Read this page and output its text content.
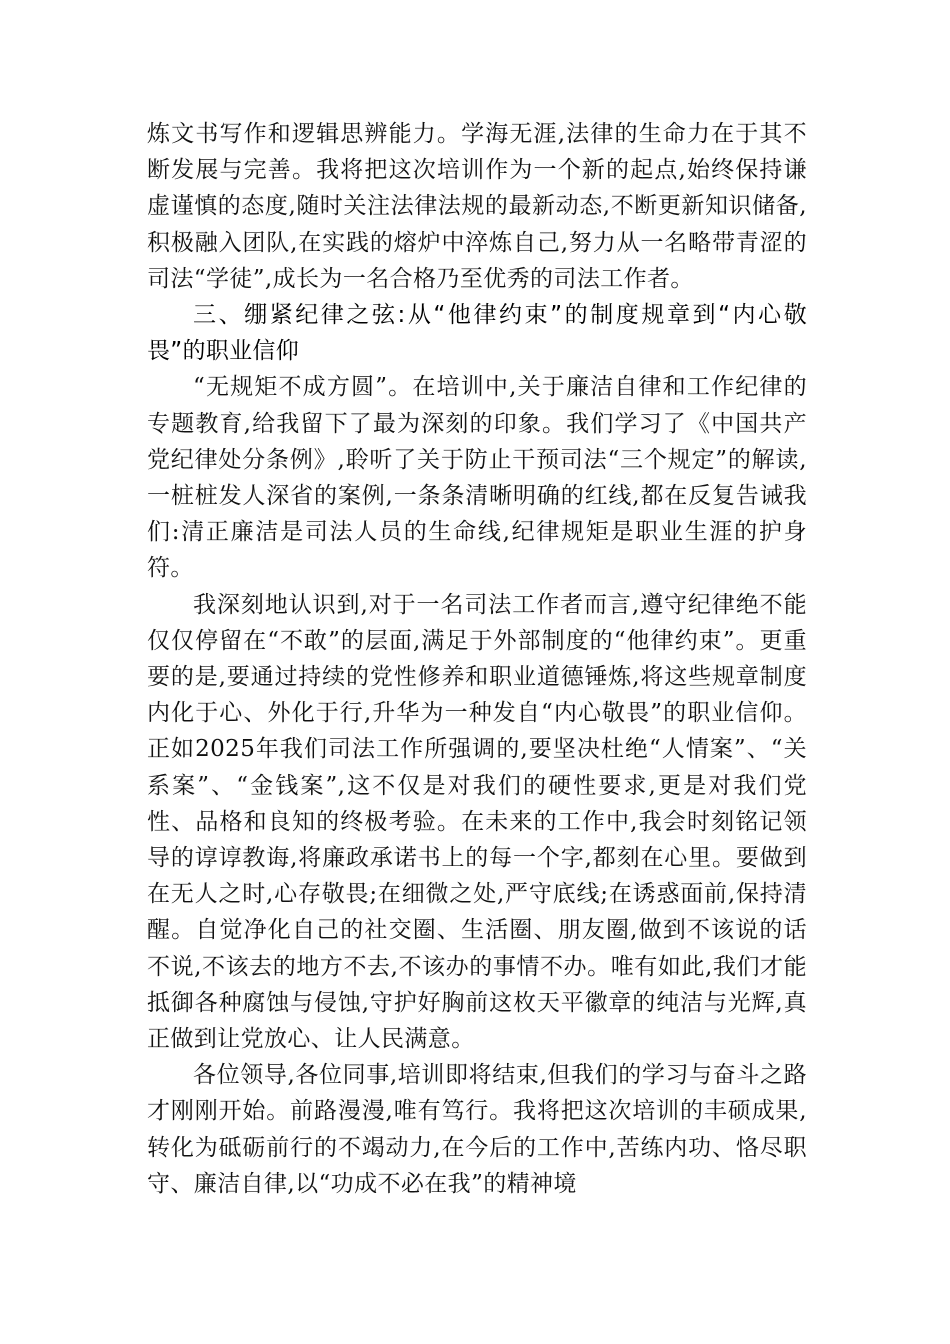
炼文书写作和逻辑思辨能力。学海无涯,法律的生命力在于其不断发展与完善。我将把这次培训作为一个新的起点,始终保持谦虚谨慎的态度,随时关注法律法规的最新动态,不断更新知识储备,积极融入团队,在实践的熔炉中淬炼自己,努力从一名略带青涩的司法“学徒”,成长为一名合格乃至优秀的司法工作者。

三、绷紧纪律之弦:从“他律约束”的制度规章到“内心敬畏”的职业信仰

“无规矩不成方圆”。在培训中,关于廉洁自律和工作纪律的专题教育,给我留下了最为深刻的印象。我们学习了《中国共产党纪律处分条例》,聆听了关于防止干预司法“三个规定”的解读,一桩桩发人深省的案例,一条条清晰明确的红线,都在反复告诫我们:清正廉洁是司法人员的生命线,纪律规矩是职业生涯的护身符。

我深刻地认识到,对于一名司法工作者而言,遵守纪律绝不能仅仅停留在“不敢”的层面,满足于外部制度的“他律约束”。更重要的是,要通过持续的党性修养和职业道德锤炼,将这些规章制度内化于心、外化于行,升华为一种发自“内心敬畏”的职业信仰。正如2025年我们司法工作所强调的,要坚决杜绝“人情案”、“关系案”、“金钱案”,这不仅是对我们的硬性要求,更是对我们党性、品格和良知的终极考验。在未来的工作中,我会时刻铭记领导的谆谆教诲,将廉政承诺书上的每一个字,都刻在心里。要做到在无人之时,心存敬畏;在细微之处,严守底线;在诱惑面前,保持清醒。自觉净化自己的社交圈、生活圈、朋友圈,做到不该说的话不说,不该去的地方不去,不该办的事情不办。唯有如此,我们才能抵御各种腐蚀与侵蚀,守护好胸前这枚天平徽章的纯洁与光辉,真正做到让党放心、让人民满意。

各位领导,各位同事,培训即将结束,但我们的学习与奋斗之路才刚刚开始。前路漫漫,唯有笃行。我将把这次培训的丰硕成果,转化为砥砺前行的不竭动力,在今后的工作中,苦练内功、恪尽职守、廉洁自律,以“功成不必在我”的精神境
